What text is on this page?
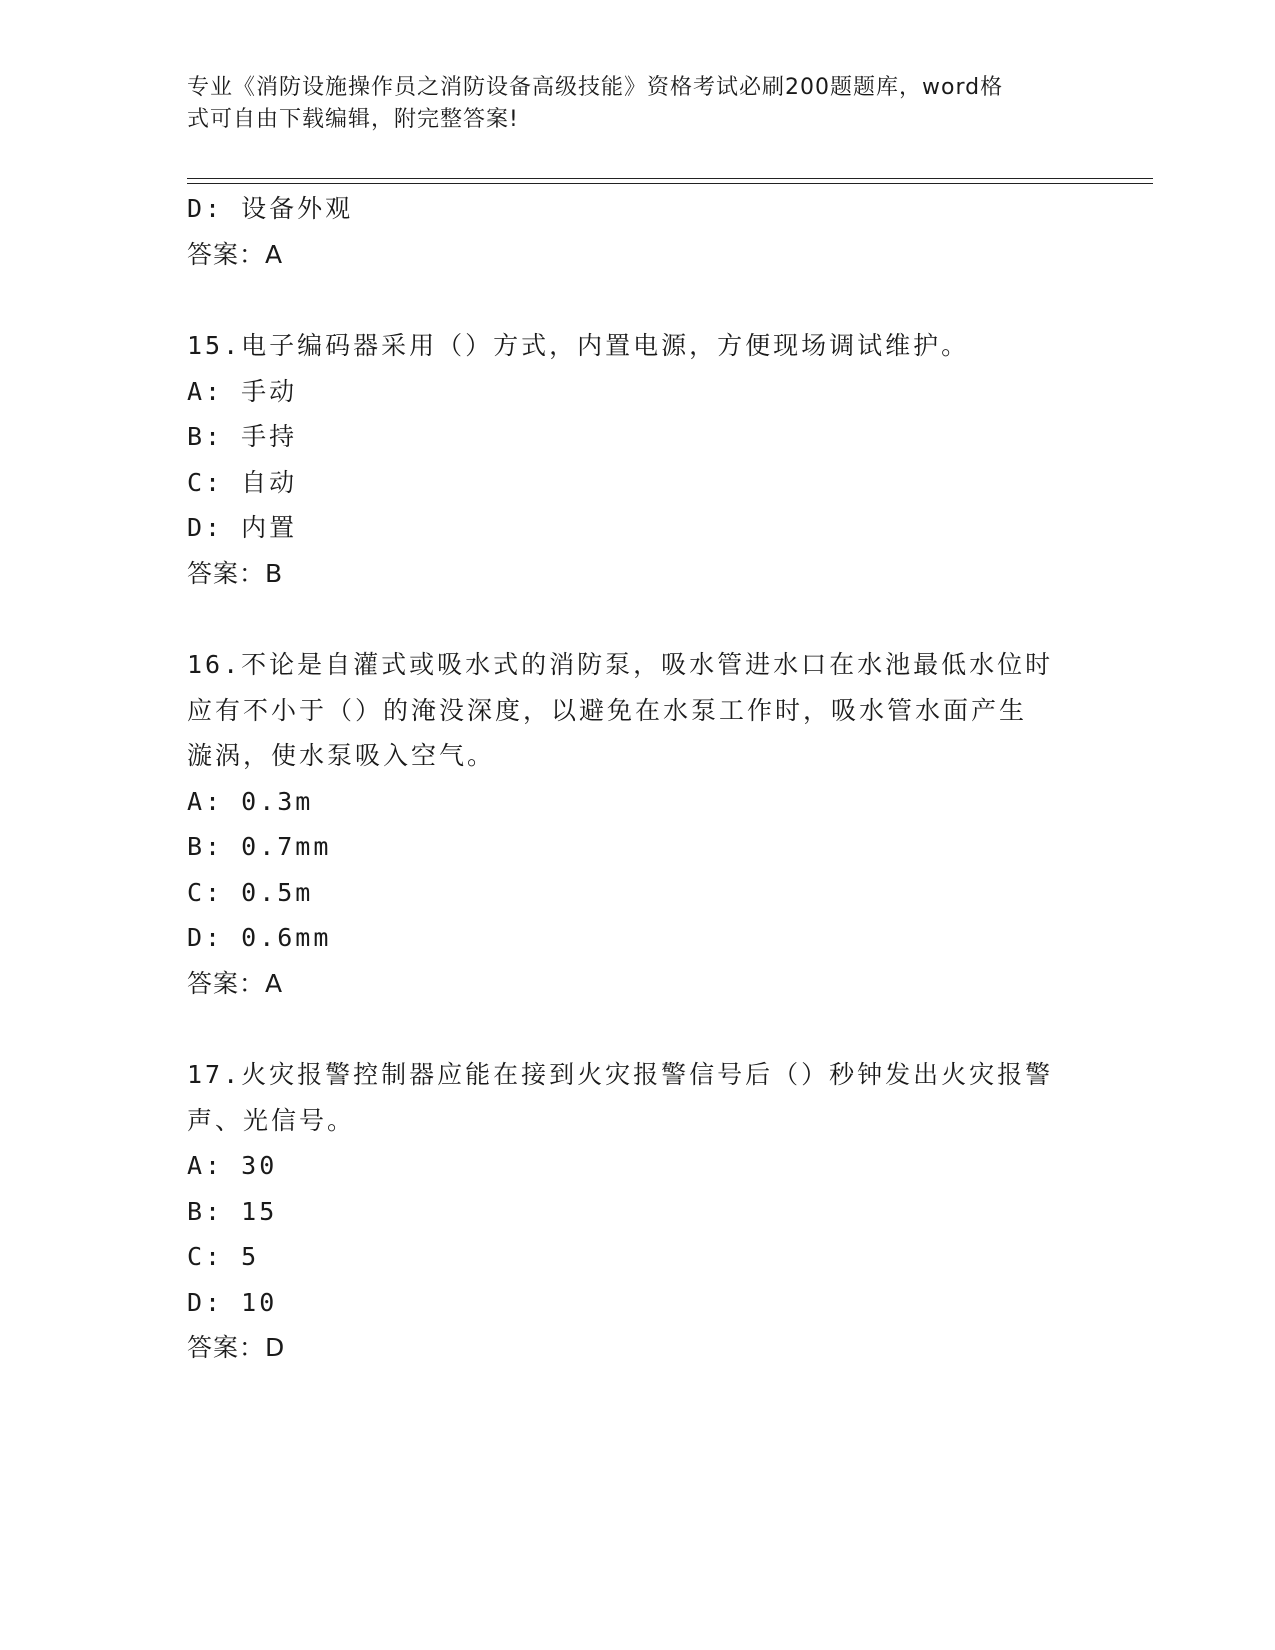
专业《消防设施操作员之消防设备高级技能》资格考试必刷200题题库，word格
式可自由下载编辑，附完整答案!
D: 设备外观
答案：A
15.电子编码器采用（）方式，内置电源，方便现场调试维护。
A: 手动
B: 手持
C: 自动
D: 内置
答案：B
16.不论是自灌式或吸水式的消防泵，吸水管进水口在水池最低水位时
应有不小于（）的淹没深度，以避免在水泵工作时，吸水管水面产生
漩涡，使水泵吸入空气。
A: 0.3m
B: 0.7mm
C: 0.5m
D: 0.6mm
答案：A
17.火灾报警控制器应能在接到火灾报警信号后（）秒钟发出火灾报警
声、光信号。
A: 30
B: 15
C: 5
D: 10
答案：D
